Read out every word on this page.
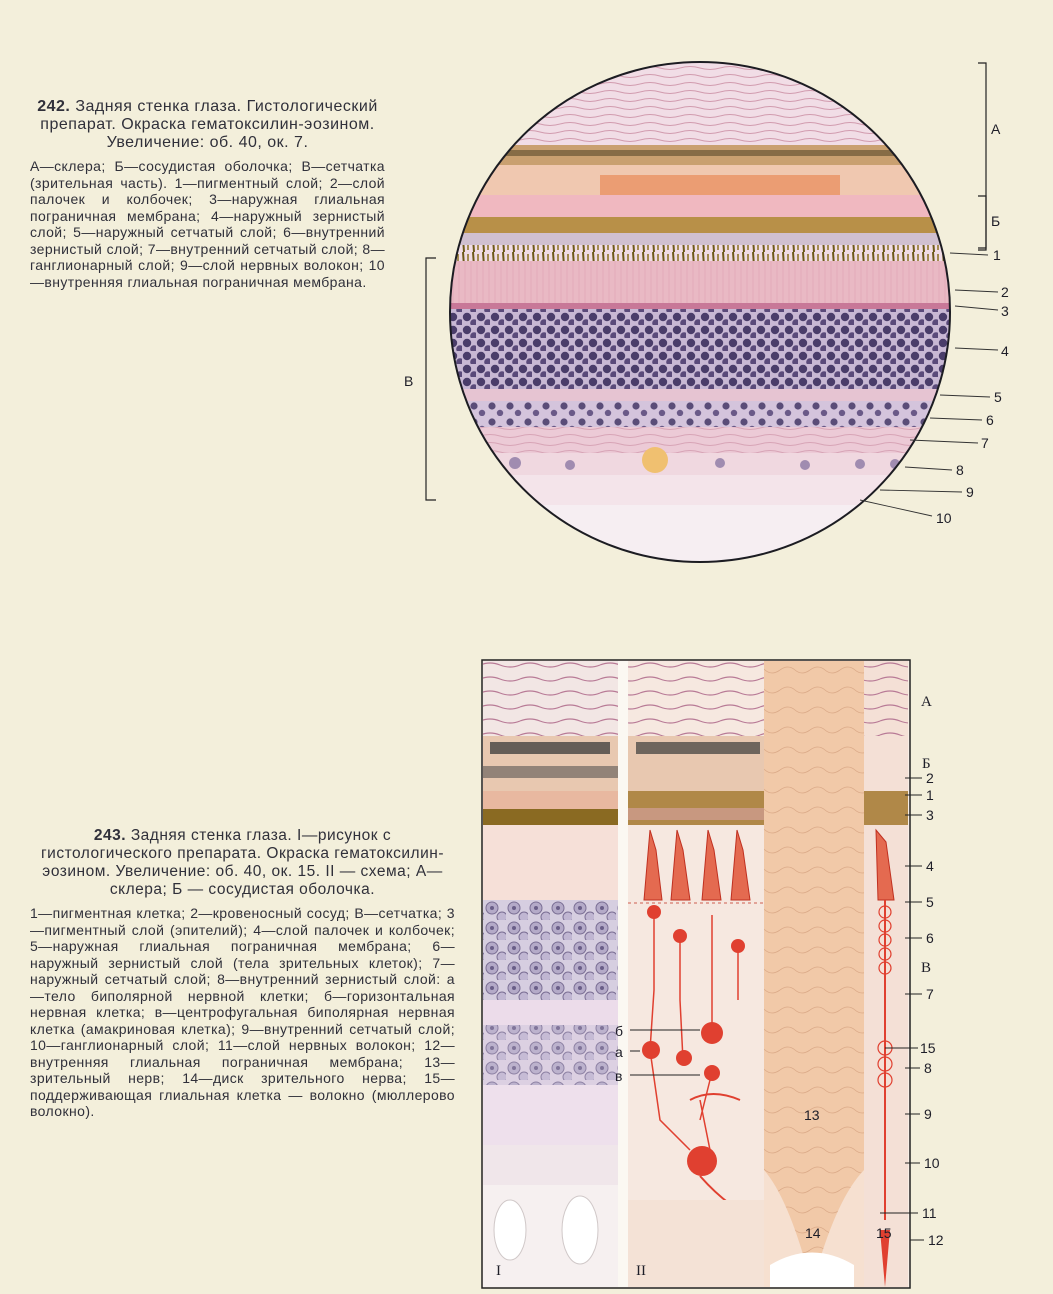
242. Задняя стенка глаза. Гистологический препарат. Окраска гематоксилин-эозином. Увеличение: об. 40, ок. 7.
А—склера; Б—сосудистая оболочка; В—сетчатка (зрительная часть). 1—пигментный слой; 2—слой палочек и колбочек; 3—наружная глиальная пограничная мембрана; 4—наружный зернистый слой; 5—наружный сетчатый слой; 6—внутренний зернистый слой; 7—внутренний сетчатый слой; 8—ганглионарный слой; 9—слой нервных волокон; 10—внутренняя глиальная пограничная мембрана.
243. Задняя стенка глаза. I—рисунок с гистологического препарата. Окраска гематоксилин-эозином. Увеличение: об. 40, ок. 15. II — схема; А—склера; Б — сосудистая оболочка.
1—пигментная клетка; 2—кровеносный сосуд; В—сетчатка; 3—пигментный слой (эпителий); 4—слой палочек и колбочек; 5—наружная глиальная пограничная мембрана; 6—наружный зернистый слой (тела зрительных клеток); 7—наружный сетчатый слой; 8—внутренний зернистый слой: а—тело биполярной нервной клетки; б—горизонтальная нервная клетка; в—центрофугальная биполярная нервная клетка (амакриновая клетка); 9—внутренний сетчатый слой; 10—ганглионарный слой; 11—слой нервных волокон; 12—внутренняя глиальная пограничная мембрана; 13—зрительный нерв; 14—диск зрительного нерва; 15—поддерживающая глиальная клетка — волокно (мюллерово волокно).
А
Б
В
1
2
3
4
5
6
7
8
9
10
б
а
в
I	II
13
14	15
А
Б
2
1
3
4
5
6
В
7
15
8
9
10
11
12
